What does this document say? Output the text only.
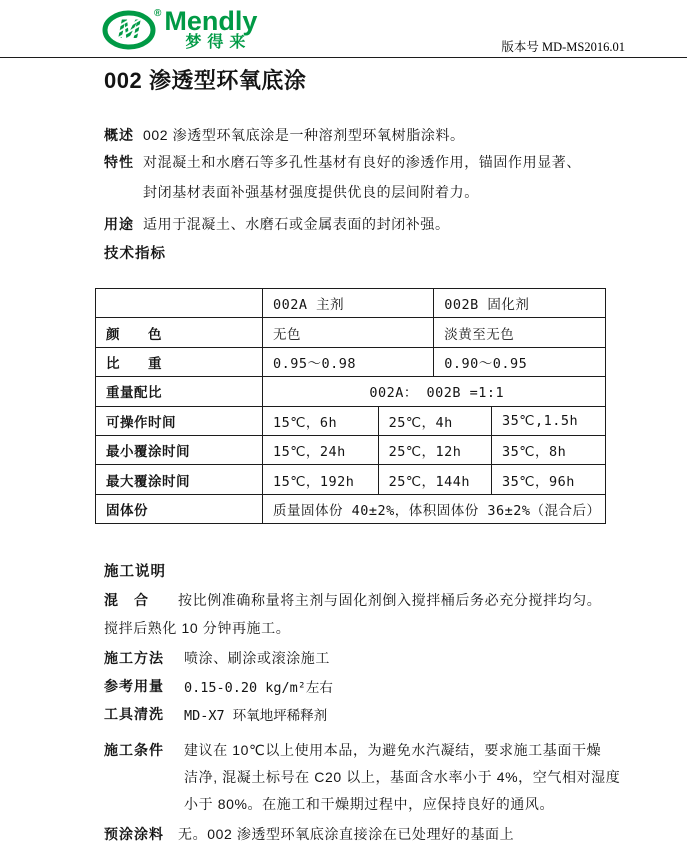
M
® Mendly
梦得来	版本号 MD-MS2016.01
002 渗透型环氧底涂
概述 002 渗透型环氧底涂是一种溶剂型环氧树脂涂料。
特性 对混凝土和水磨石等多孔性基材有良好的渗透作用，锚固作用显著、封闭基材表面补强基材强度提供优良的层间附着力。
用途 适用于混凝土、水磨石或金属表面的封闭补强。
技术指标
	002A 主剂		002B 固化剂	
颜　　色	无色		淡黄至无色	
比　　重	0.95～0.98		0.90～0.95	
重量配比	002A： 002B =1:1			
可操作时间	15℃，6h	25℃，4h		35℃,1.5h
最小覆涂时间	15℃，24h	25℃，12h		35℃，8h
最大覆涂时间	15℃，192h	25℃，144h		35℃，96h
固体份	质量固体份 40±2%，体积固体份 36±2%（混合后）			
施工说明
混　合 按比例准确称量将主剂与固化剂倒入搅拌桶后务必充分搅拌均匀。
搅拌后熟化 10 分钟再施工。
施工方法 喷涂、刷涂或滚涂施工
参考用量 0.15-0.20 kg/m²左右
工具清洗 MD-X7 环氧地坪稀释剂
施工条件 建议在 10℃以上使用本品，为避免水汽凝结，要求施工基面干燥
洁净, 混凝土标号在 C20 以上，基面含水率小于 4%，空气相对湿度
小于 80%。在施工和干燥期过程中，应保持良好的通风。
预涂涂料 无。002 渗透型环氧底涂直接涂在已处理好的基面上
